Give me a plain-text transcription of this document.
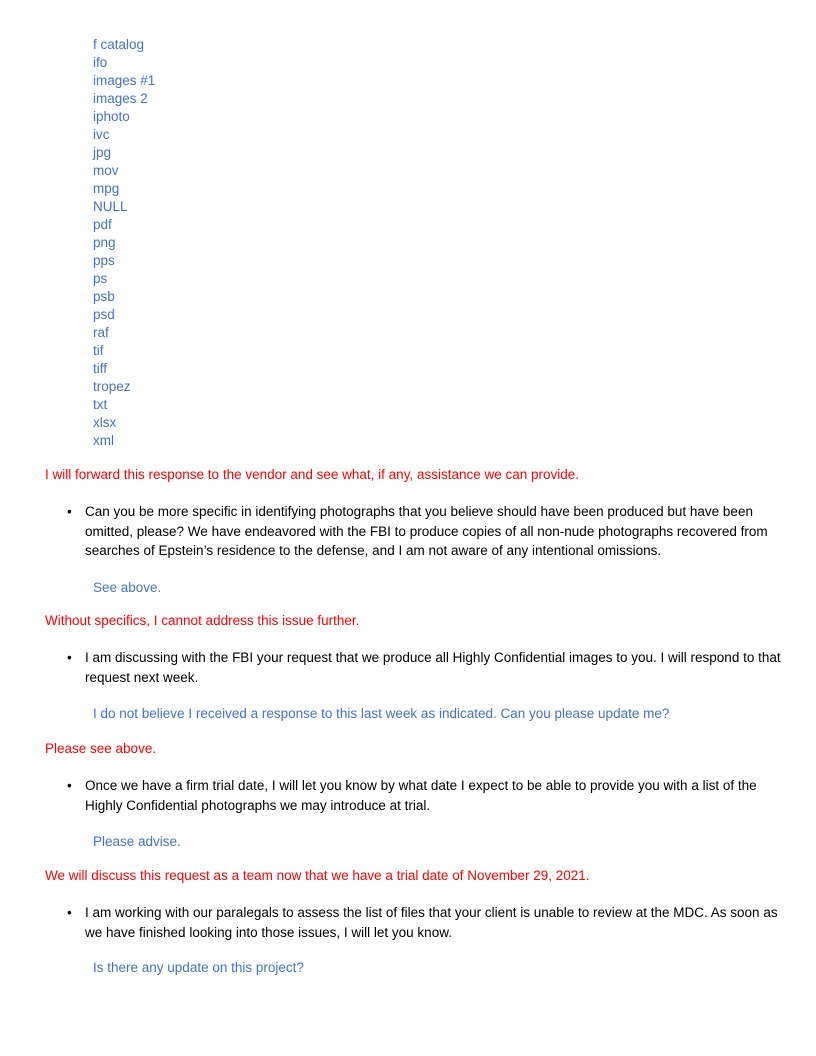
f catalog
ifo
images #1
images 2
iphoto
ivc
jpg
mov
mpg
NULL
pdf
png
pps
ps
psb
psd
raf
tif
tiff
tropez
txt
xlsx
xml
I will forward this response to the vendor and see what, if any, assistance we can provide.
• Can you be more specific in identifying photographs that you believe should have been produced but have been omitted, please? We have endeavored with the FBI to produce copies of all non-nude photographs recovered from searches of Epstein’s residence to the defense, and I am not aware of any intentional omissions.
See above.
Without specifics, I cannot address this issue further.
• I am discussing with the FBI your request that we produce all Highly Confidential images to you. I will respond to that request next week.
I do not believe I received a response to this last week as indicated. Can you please update me?
Please see above.
• Once we have a firm trial date, I will let you know by what date I expect to be able to provide you with a list of the Highly Confidential photographs we may introduce at trial.
Please advise.
We will discuss this request as a team now that we have a trial date of November 29, 2021.
• I am working with our paralegals to assess the list of files that your client is unable to review at the MDC. As soon as we have finished looking into those issues, I will let you know.
Is there any update on this project?
